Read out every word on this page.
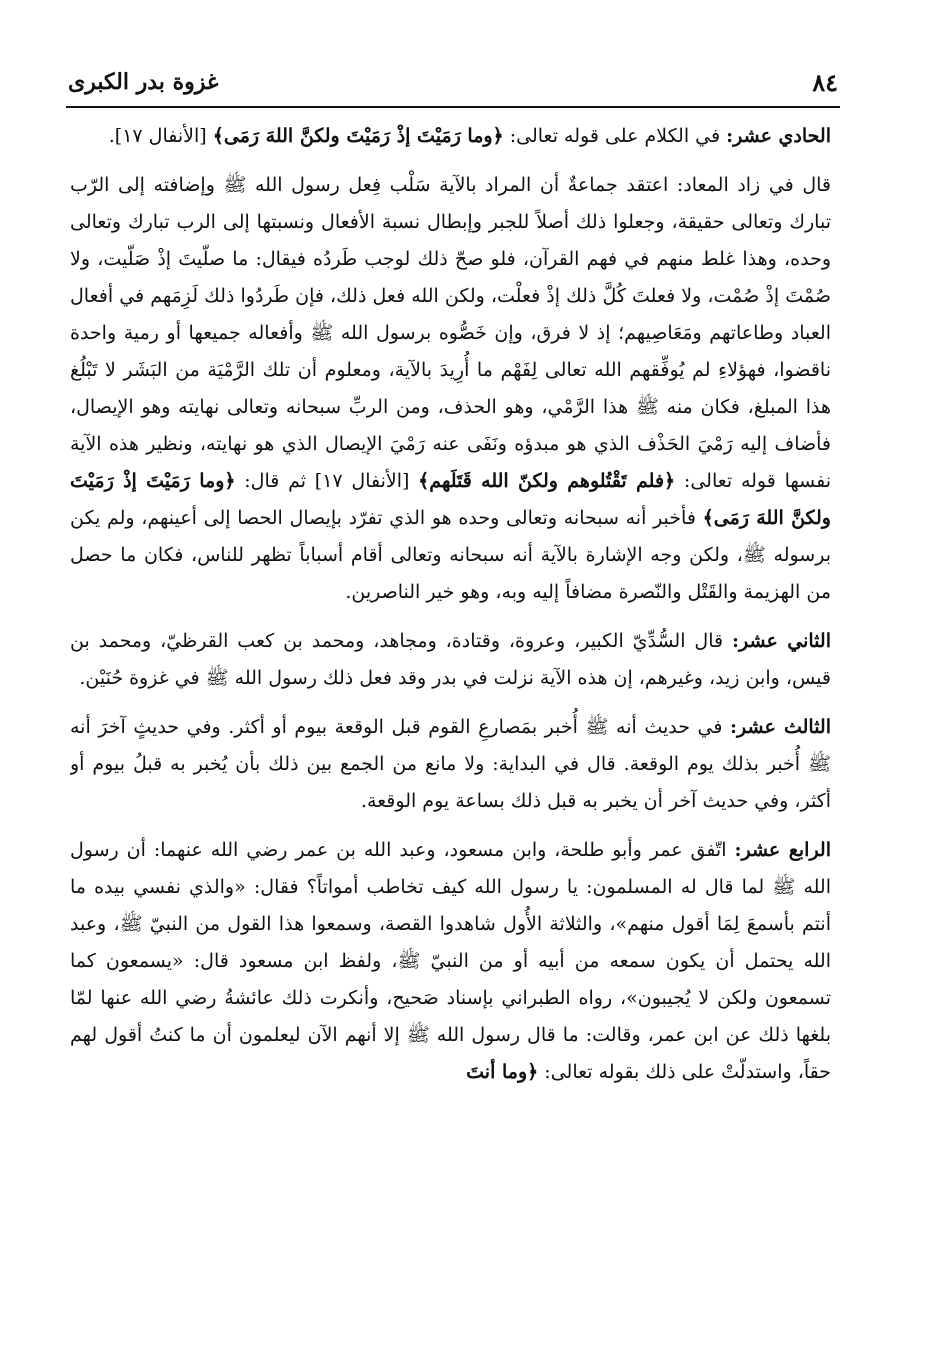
٨٤
غزوة بدر الكبرى

الحادي عشر: في الكلام على قوله تعالى: ﴿وما رَمَيْتَ إذْ رَمَيْتَ ولكنَّ اللهَ رَمَى﴾ [الأنفال ١٧].

قال في زاد المعاد: اعتقد جماعةٌ أن المراد بالآية سَلْب فِعل رسول الله ﷺ وإضافته إلى الرّب تبارك وتعالى حقيقة، وجعلوا ذلك أصلاً للجبر وإبطال نسبة الأفعال ونسبتها إلى الرب تبارك وتعالى وحده، وهذا غلط منهم في فهم القرآن، فلو صحّ ذلك لوجب طَردُه فيقال: ما صلّيتَ إذْ صَلّيت، ولا صُمْتَ إذْ صُمْت، ولا فعلتَ كُلَّ ذلك إذْ فعلْت، ولكن الله فعل ذلك، فإن طَردُوا ذلك لَزِمَهم في أفعال العباد وطاعاتهم ومَعَاصِيهم؛ إذ لا فرق، وإن خَصُّوه برسول الله ﷺ وأفعاله جميعها أو رمية واحدة ناقضوا، فهؤلاءِ لم يُوفِّقهم الله تعالى لِفَهْم ما أُرِيدَ بالآية، ومعلوم أن تلك الرَّمْيَة من البَشَر لا تَبْلُغ هذا المبلغ، فكان منه ﷺ هذا الرَّمْي، وهو الحذف، ومن الربِّ سبحانه وتعالى نهايته وهو الإيصال، فأضاف إليه رَمْيَ الحَذْف الذي هو مبدؤه ونَفَى عنه رَمْيَ الإيصال الذي هو نهايته، ونظير هذه الآية نفسها قوله تعالى: ﴿فلم تَقْتُلوهم ولكنّ الله قَتَلَهم﴾ [الأنفال ١٧] ثم قال: ﴿وما رَمَيْتَ إذْ رَمَيْتَ ولكنَّ اللهَ رَمَى﴾ فأخبر أنه سبحانه وتعالى وحده هو الذي تفرّد بإيصال الحصا إلى أعينهم، ولم يكن برسوله ﷺ، ولكن وجه الإشارة بالآية أنه سبحانه وتعالى أقام أسباباً تظهر للناس، فكان ما حصل من الهزيمة والقَتْل والنّصرة مضافاً إليه وبه، وهو خير الناصرين.

الثاني عشر: قال السُّدِّيّ الكبير، وعروة، وقتادة، ومجاهد، ومحمد بن كعب القرظيّ، ومحمد بن قيس، وابن زيد، وغيرهم، إن هذه الآية نزلت في بدر وقد فعل ذلك رسول الله ﷺ في غزوة حُنَيْن.

الثالث عشر: في حديث أنه ﷺ أُخبر بمَصارعِ القوم قبل الوقعة بيوم أو أكثر. وفي حديثٍ آخرَ أنه ﷺ أُخبر بذلك يوم الوقعة. قال في البداية: ولا مانع من الجمع بين ذلك بأن يُخبر به قبلُ بيوم أو أكثر، وفي حديث آخر أن يخبر به قبل ذلك بساعة يوم الوقعة.

الرابع عشر: اتّفق عمر وأبو طلحة، وابن مسعود، وعبد الله بن عمر رضي الله عنهما: أن رسول الله ﷺ لما قال له المسلمون: يا رسول الله كيف تخاطب أمواتاً؟ فقال: «والذي نفسي بيده ما أنتم بأسمعَ لِمَا أقول منهم»، والثلاثة الأُول شاهدوا القصة، وسمعوا هذا القول من النبيّ ﷺ، وعبد الله يحتمل أن يكون سمعه من أبيه أو من النبيّ ﷺ، ولفظ ابن مسعود قال: «يسمعون كما تسمعون ولكن لا يُجيبون»، رواه الطبراني بإسناد صَحيح، وأنكرت ذلك عائشةُ رضي الله عنها لمّا بلغها ذلك عن ابن عمر، وقالت: ما قال رسول الله ﷺ إلا أنهم الآن ليعلمون أن ما كنتُ أقول لهم حقاً، واستدلّتْ على ذلك بقوله تعالى: ﴿وما أنتَ
